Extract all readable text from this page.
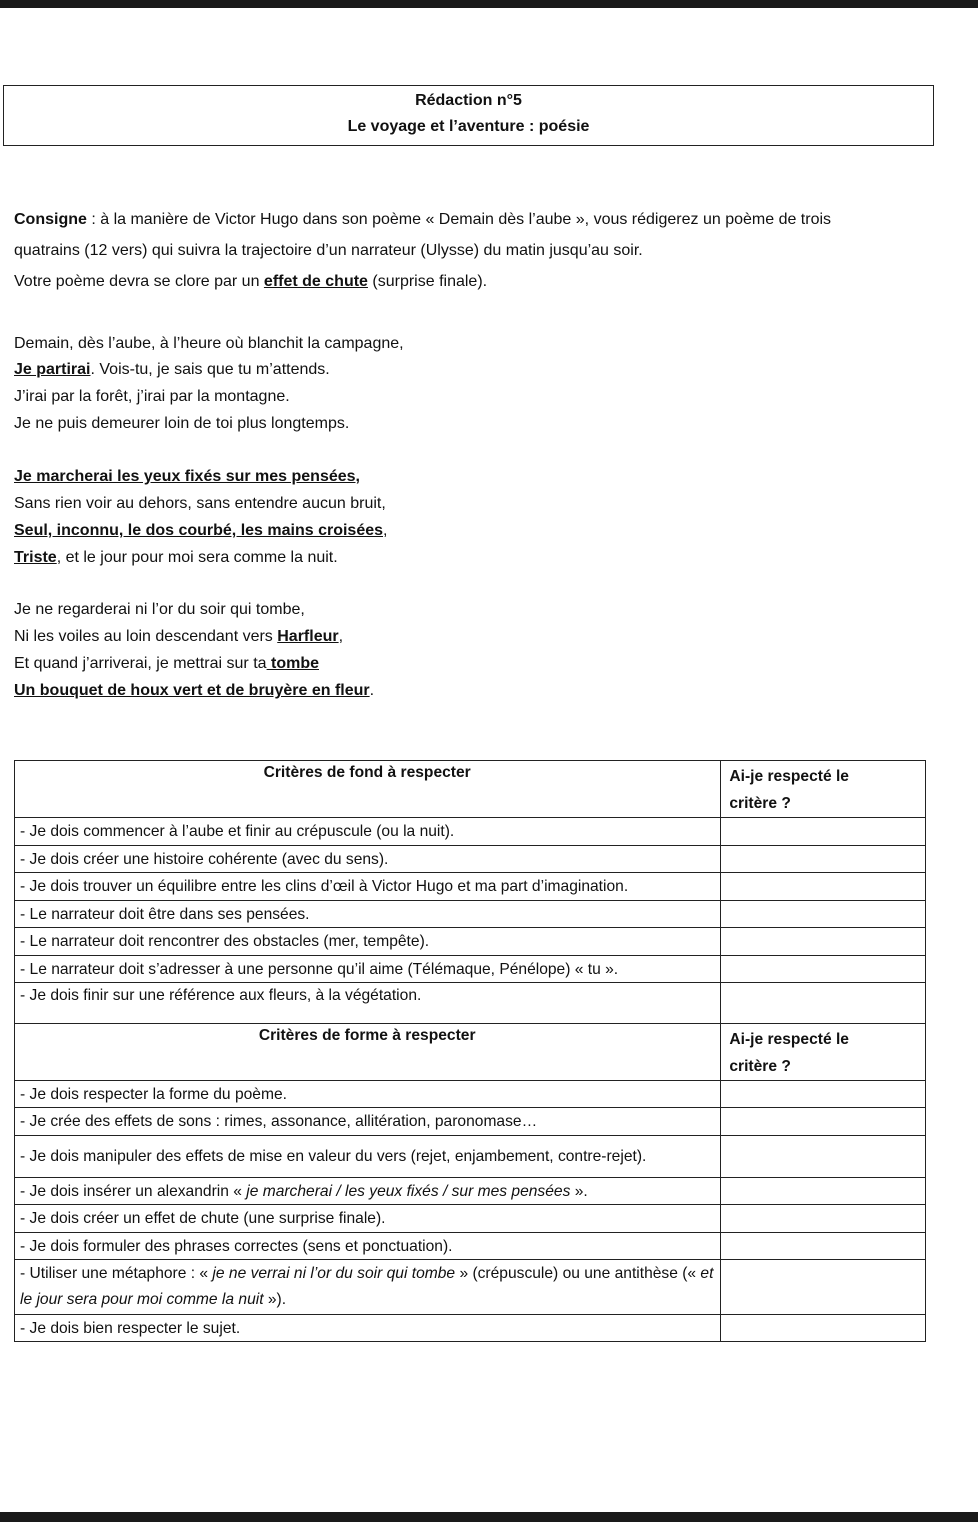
Rédaction n°5
Le voyage et l’aventure : poésie
Consigne : à la manière de Victor Hugo dans son poème « Demain dès l’aube », vous rédigerez un poème de trois
quatrains (12 vers) qui suivra la trajectoire d’un narrateur (Ulysse) du matin jusqu’au soir.
Votre poème devra se clore par un effet de chute (surprise finale).
Demain, dès l’aube, à l’heure où blanchit la campagne,
Je partirai. Vois-tu, je sais que tu m’attends.
J’irai par la forêt, j’irai par la montagne.
Je ne puis demeurer loin de toi plus longtemps.
Je marcherai les yeux fixés sur mes pensées,
Sans rien voir au dehors, sans entendre aucun bruit,
Seul, inconnu, le dos courbé, les mains croisées,
Triste, et le jour pour moi sera comme la nuit.
Je ne regarderai ni l’or du soir qui tombe,
Ni les voiles au loin descendant vers Harfleur,
Et quand j’arriverai, je mettrai sur ta tombe
Un bouquet de houx vert et de bruyère en fleur.
Critères de fond à respecter	Ai-je respecté le
critère ?
- Je dois commencer à l’aube et finir au crépuscule (ou la nuit).	
- Je dois créer une histoire cohérente (avec du sens).	
- Je dois trouver un équilibre entre les clins d’œil à Victor Hugo et ma part d’imagination.	
- Le narrateur doit être dans ses pensées.	
- Le narrateur doit rencontrer des obstacles (mer, tempête).	
- Le narrateur doit s’adresser à une personne qu’il aime (Télémaque, Pénélope) « tu ».	
- Je dois finir sur une référence aux fleurs, à la végétation.	
Critères de forme à respecter	Ai-je respecté le
critère ?
- Je dois respecter la forme du poème.	
- Je crée des effets de sons : rimes, assonance, allitération, paronomase…	
- Je dois manipuler des effets de mise en valeur du vers (rejet, enjambement, contre-rejet).	
- Je dois insérer un alexandrin « je marcherai / les yeux fixés / sur mes pensées ».	
- Je dois créer un effet de chute (une surprise finale).	
- Je dois formuler des phrases correctes (sens et ponctuation).	
- Utiliser une métaphore : « je ne verrai ni l’or du soir qui tombe » (crépuscule) ou une antithèse (« et le jour sera pour moi comme la nuit »).	
- Je dois bien respecter le sujet.	
